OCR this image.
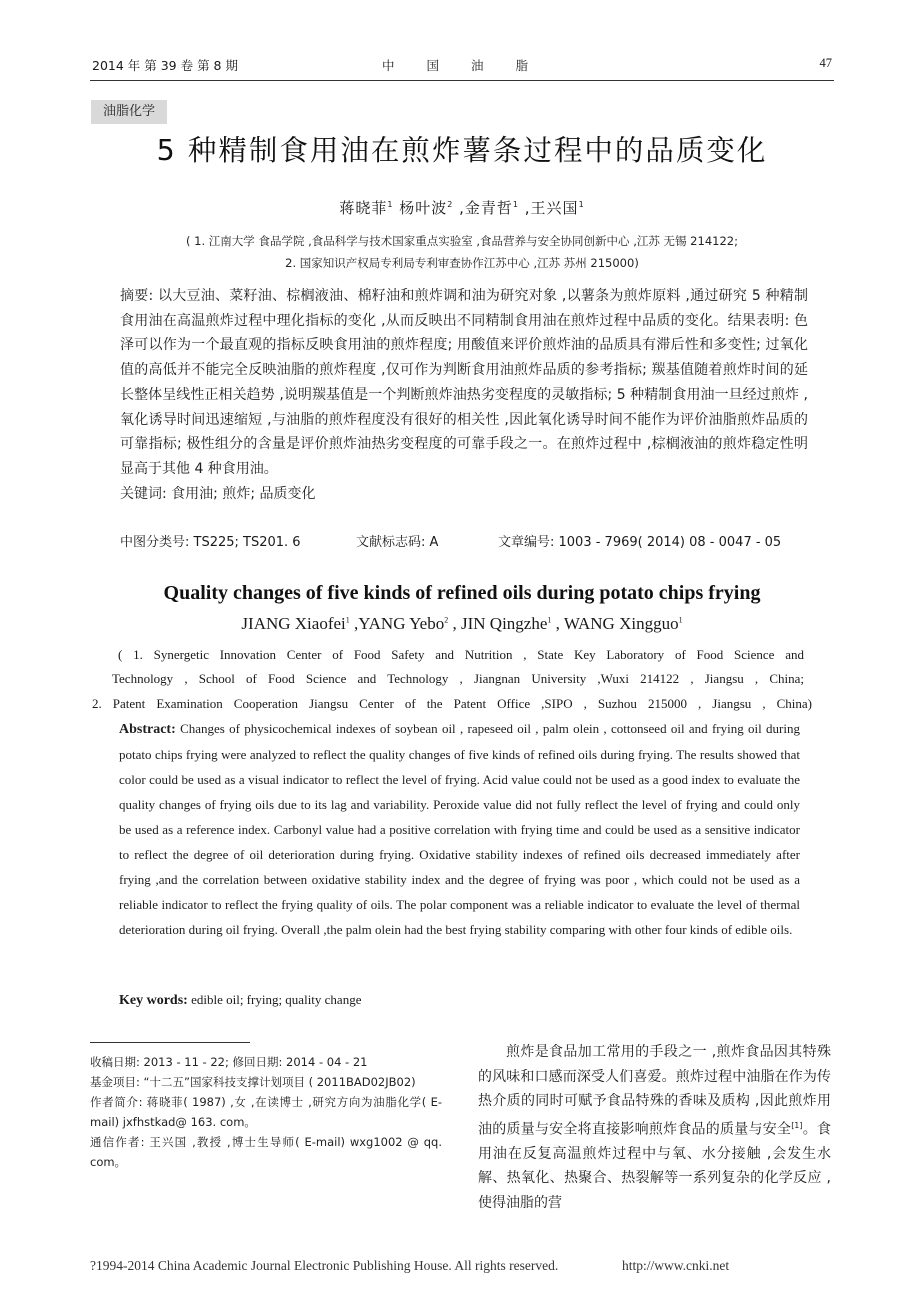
2014 年 第 39 卷 第 8 期	中 国 油 脂	47
油脂化学
5 种精制食用油在煎炸薯条过程中的品质变化
蒋晓菲$^1$ 杨叶波$^2$ ,金青哲$^1$ ,王兴国$^1$
( 1. 江南大学 食品学院 ,食品科学与技术国家重点实验室 ,食品营养与安全协同创新中心 ,江苏 无锡 214122;
2. 国家知识产权局专利局专利审查协作江苏中心 ,江苏 苏州 215000)

摘要: 以大豆油、菜籽油、棕榈液油、棉籽油和煎炸调和油为研究对象 ,以薯条为煎炸原料 ,通过研究 5 种精制食用油在高温煎炸过程中理化指标的变化 ,从而反映出不同精制食用油在煎炸过程中品质的变化。结果表明: 色泽可以作为一个最直观的指标反映食用油的煎炸程度; 用酸值来评价煎炸油的品质具有滞后性和多变性; 过氧化值的高低并不能完全反映油脂的煎炸程度 ,仅可作为判断食用油煎炸品质的参考指标; 羰基值随着煎炸时间的延长整体呈线性正相关趋势 ,说明羰基值是一个判断煎炸油热劣变程度的灵敏指标; 5 种精制食用油一旦经过煎炸 ,氧化诱导时间迅速缩短 ,与油脂的煎炸程度没有很好的相关性 ,因此氧化诱导时间不能作为评价油脂煎炸品质的可靠指标; 极性组分的含量是评价煎炸油热劣变程度的可靠手段之一。在煎炸过程中 ,棕榈液油的煎炸稳定性明显高于其他 4 种食用油。

关键词: 食用油; 煎炸; 品质变化

中图分类号: TS225; TS201. 6	文献标志码: A	文章编号: 1003 - 7969( 2014) 08 - 0047 - 05
Quality changes of five kinds of refined oils during potato chips frying
JIANG Xiaofei$^1$ ,YANG Yebo$^2$ , JIN Qingzhe$^1$ , WANG Xingguo$^1$
( 1. Synergetic Innovation Center of Food Safety and Nutrition , State Key Laboratory of Food Science and
Technology , School of Food Science and Technology , Jiangnan University ,Wuxi 214122 , Jiangsu , China;
2. Patent Examination Cooperation Jiangsu Center of the Patent Office ,SIPO , Suzhou 215000 , Jiangsu , China)
Abstract: Changes of physicochemical indexes of soybean oil , rapeseed oil , palm olein , cottonseed oil and frying oil during potato chips frying were analyzed to reflect the quality changes of five kinds of refined oils during frying. The results showed that color could be used as a visual indicator to reflect the level of frying. Acid value could not be used as a good index to evaluate the quality changes of frying oils due to its lag and variability. Peroxide value did not fully reflect the level of frying and could only be used as a reference index. Carbonyl value had a positive correlation with frying time and could be used as a sensitive indicator to reflect the degree of oil deterioration during frying. Oxidative stability indexes of refined oils decreased immediately after frying ,and the correlation between oxidative stability index and the degree of frying was poor , which could not be used as a reliable indicator to reflect the frying quality of oils. The polar component was a reliable indicator to evaluate the level of thermal deterioration during oil frying. Overall ,the palm olein had the best frying stability comparing with other four kinds of edible oils.
Key words: edible oil; frying; quality change

收稿日期: 2013 - 11 - 22; 修回日期: 2014 - 04 - 21

基金项目: “十二五”国家科技支撑计划项目 ( 2011BAD02JB02)

作者简介: 蒋晓菲( 1987) ,女 ,在读博士 ,研究方向为油脂化学( E-mail) jxfhstkad@ 163. com。

通信作者: 王兴国 ,教授 ,博士生导师( E-mail) wxg1002 @ qq. com。

煎炸是食品加工常用的手段之一 ,煎炸食品因其特殊的风味和口感而深受人们喜爱。煎炸过程中油脂在作为传热介质的同时可赋予食品特殊的香味及质构 ,因此煎炸用油的质量与安全将直接影响煎炸食品的质量与安全[1]。食用油在反复高温煎炸过程中与氧、水分接触 ,会发生水解、热氧化、热聚合、热裂解等一系列复杂的化学反应 ,使得油脂的营
?1994-2014 China Academic Journal Electronic Publishing House. All rights reserved.	http://www.cnki.net
